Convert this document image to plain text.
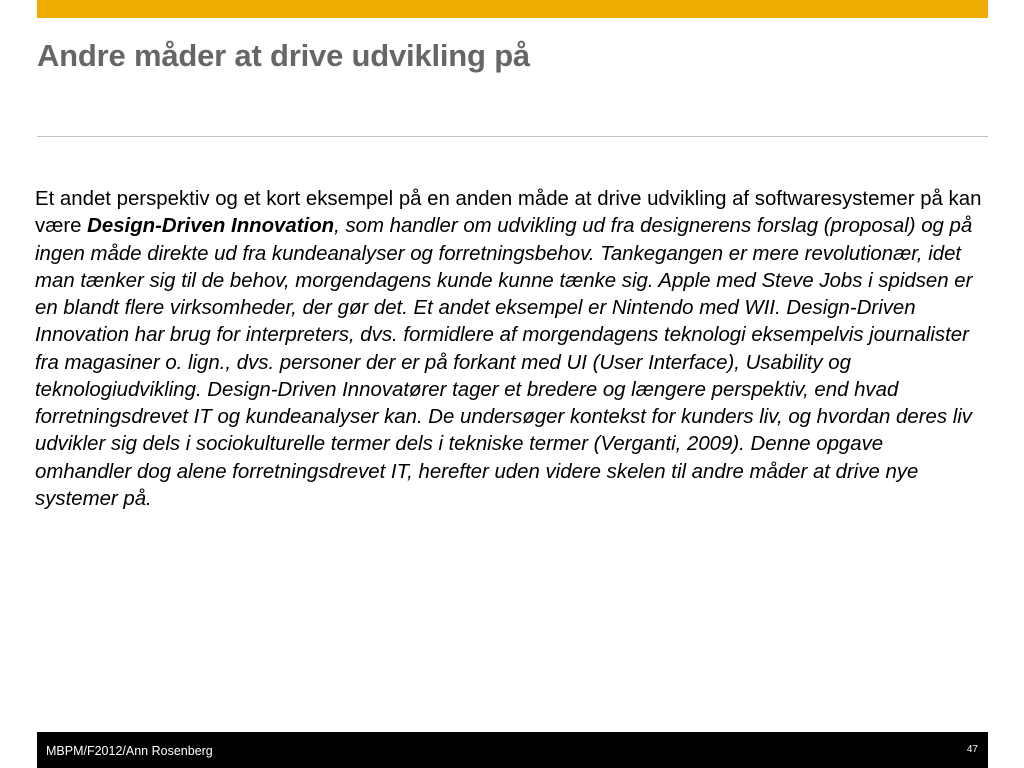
Andre måder at drive udvikling på

Et andet perspektiv og et kort eksempel på en anden måde at drive udvikling af softwaresystemer på kan være Design-Driven Innovation, som handler om udvikling ud fra designerens forslag (proposal) og på ingen måde direkte ud fra kundeanalyser og forretningsbehov. Tankegangen er mere revolutionær, idet man tænker sig til de behov, morgendagens kunde kunne tænke sig. Apple med Steve Jobs i spidsen er en blandt flere virksomheder, der gør det. Et andet eksempel er Nintendo med WII. Design-Driven Innovation har brug for interpreters, dvs. formidlere af morgendagens teknologi eksempelvis journalister fra magasiner o. lign., dvs. personer der er på forkant med UI (User Interface), Usability og teknologiudvikling. Design-Driven Innovatører tager et bredere og længere perspektiv, end hvad forretningsdrevet IT og kundeanalyser kan. De undersøger kontekst for kunders liv, og hvordan deres liv udvikler sig dels i sociokulturelle termer dels i tekniske termer (Verganti, 2009). Denne opgave omhandler dog alene forretningsdrevet IT, herefter uden videre skelen til andre måder at drive nye systemer på.

MBPM/F2012/Ann Rosenberg	47
